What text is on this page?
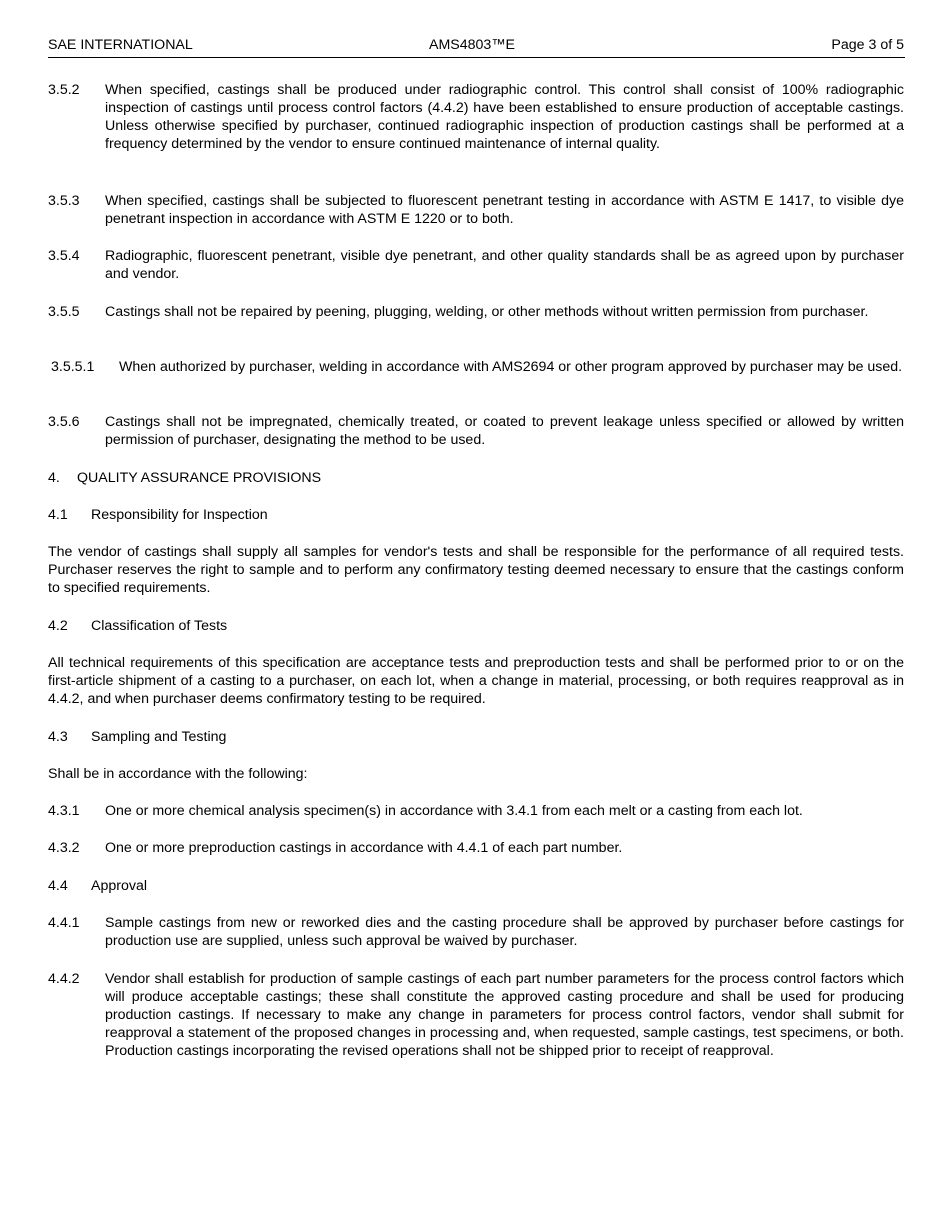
SAE INTERNATIONAL	AMS4803™E	Page 3 of 5
3.5.2 When specified, castings shall be produced under radiographic control. This control shall consist of 100% radiographic inspection of castings until process control factors (4.4.2) have been established to ensure production of acceptable castings. Unless otherwise specified by purchaser, continued radiographic inspection of production castings shall be performed at a frequency determined by the vendor to ensure continued maintenance of internal quality.
3.5.3 When specified, castings shall be subjected to fluorescent penetrant testing in accordance with ASTM E 1417, to visible dye penetrant inspection in accordance with ASTM E 1220 or to both.
3.5.4 Radiographic, fluorescent penetrant, visible dye penetrant, and other quality standards shall be as agreed upon by purchaser and vendor.
3.5.5 Castings shall not be repaired by peening, plugging, welding, or other methods without written permission from purchaser.
3.5.5.1 When authorized by purchaser, welding in accordance with AMS2694 or other program approved by purchaser may be used.
3.5.6 Castings shall not be impregnated, chemically treated, or coated to prevent leakage unless specified or allowed by written permission of purchaser, designating the method to be used.
4. QUALITY ASSURANCE PROVISIONS
4.1 Responsibility for Inspection
The vendor of castings shall supply all samples for vendor's tests and shall be responsible for the performance of all required tests. Purchaser reserves the right to sample and to perform any confirmatory testing deemed necessary to ensure that the castings conform to specified requirements.
4.2 Classification of Tests
All technical requirements of this specification are acceptance tests and preproduction tests and shall be performed prior to or on the first-article shipment of a casting to a purchaser, on each lot, when a change in material, processing, or both requires reapproval as in 4.4.2, and when purchaser deems confirmatory testing to be required.
4.3 Sampling and Testing
Shall be in accordance with the following:
4.3.1 One or more chemical analysis specimen(s) in accordance with 3.4.1 from each melt or a casting from each lot.
4.3.2 One or more preproduction castings in accordance with 4.4.1 of each part number.
4.4 Approval
4.4.1 Sample castings from new or reworked dies and the casting procedure shall be approved by purchaser before castings for production use are supplied, unless such approval be waived by purchaser.
4.4.2 Vendor shall establish for production of sample castings of each part number parameters for the process control factors which will produce acceptable castings; these shall constitute the approved casting procedure and shall be used for producing production castings. If necessary to make any change in parameters for process control factors, vendor shall submit for reapproval a statement of the proposed changes in processing and, when requested, sample castings, test specimens, or both. Production castings incorporating the revised operations shall not be shipped prior to receipt of reapproval.
